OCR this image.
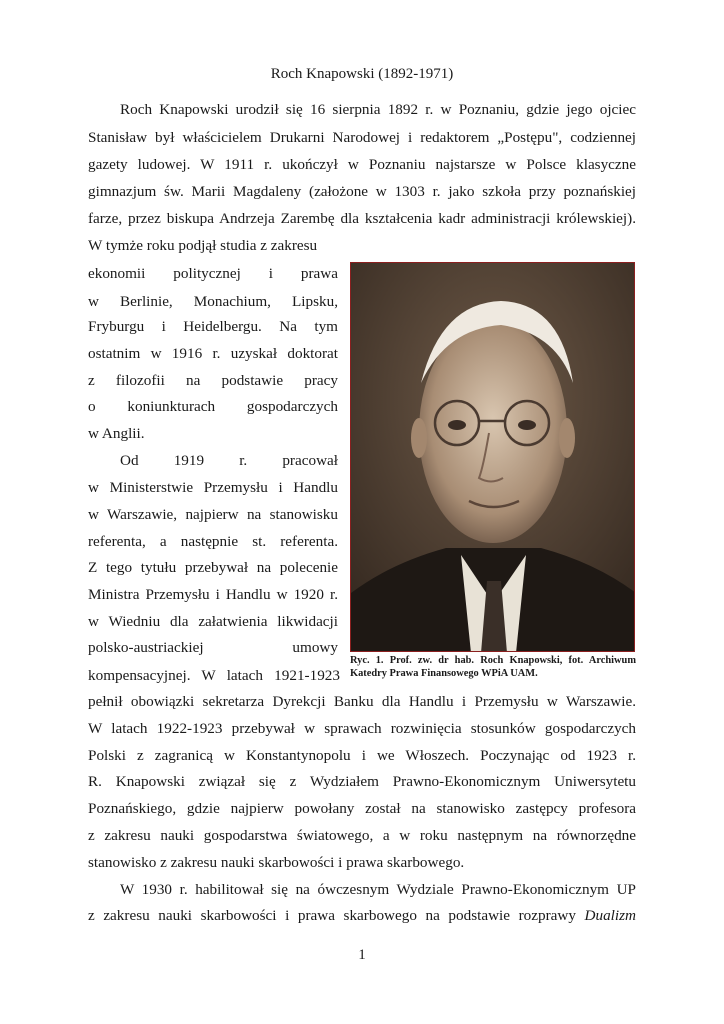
Roch Knapowski (1892-1971)
Roch Knapowski urodził się 16 sierpnia 1892 r. w Poznaniu, gdzie jego ojciec
Stanisław był właścicielem Drukarni Narodowej i redaktorem „Postępu", codziennej
gazety ludowej. W 1911 r. ukończył w Poznaniu najstarsze w Polsce klasyczne
gimnazjum św. Marii Magdaleny (założone w 1303 r. jako szkoła przy poznańskiej
farze, przez biskupa Andrzeja Zarembę dla kształcenia kadr administracji królewskiej).
W tymże roku podjął studia z zakresu
ekonomii politycznej i prawa
w Berlinie, Monachium, Lipsku,
Fryburgu i Heidelbergu. Na tym
ostatnim w 1916 r. uzyskał doktorat
z filozofii na podstawie pracy
o koniunkturach gospodarczych
w Anglii.
Od 1919 r. pracował
w Ministerstwie Przemysłu i Handlu
w Warszawie, najpierw na stanowisku
referenta, a następnie st. referenta.
Z tego tytułu przebywał na polecenie
Ministra Przemysłu i Handlu w 1920 r.
w Wiedniu dla załatwienia likwidacji
polsko-austriackiej umowy
kompensacyjnej. W latach 1921-1923
Ryc. 1. Prof. zw. dr hab. Roch Knapowski, fot. Archiwum Katedry Prawa Finansowego WPiA UAM.
pełnił obowiązki sekretarza Dyrekcji Banku dla Handlu i Przemysłu w Warszawie.
W latach 1922-1923 przebywał w sprawach rozwinięcia stosunków gospodarczych
Polski z zagranicą w Konstantynopolu i we Włoszech. Poczynając od 1923 r.
R. Knapowski związał się z Wydziałem Prawno-Ekonomicznym Uniwersytetu
Poznańskiego, gdzie najpierw powołany został na stanowisko zastępcy profesora
z zakresu nauki gospodarstwa światowego, a w roku następnym na równorzędne
stanowisko z zakresu nauki skarbowości i prawa skarbowego.
W 1930 r. habilitował się na ówczesnym Wydziale Prawno-Ekonomicznym UP
z zakresu nauki skarbowości i prawa skarbowego na podstawie rozprawy Dualizm
1
